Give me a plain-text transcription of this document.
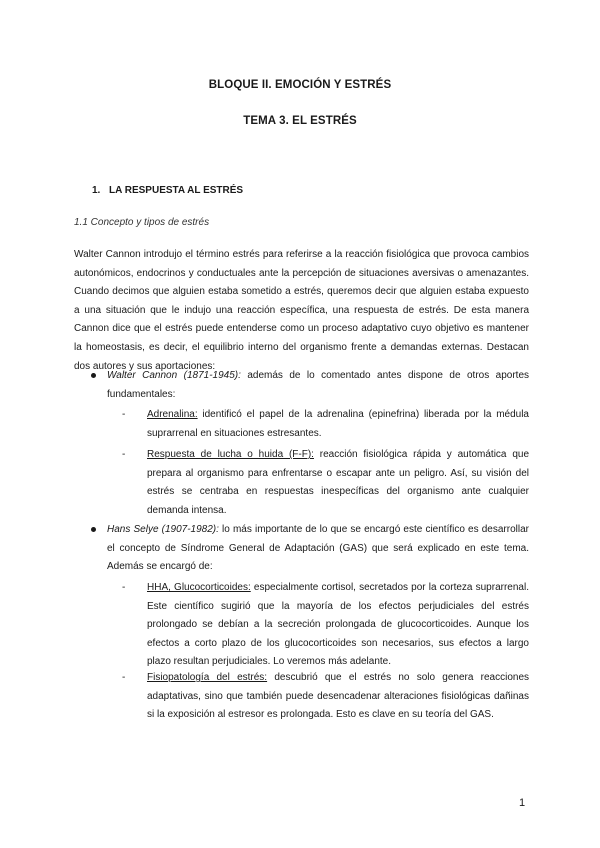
BLOQUE II. EMOCIÓN Y ESTRÉS
TEMA 3. EL ESTRÉS
1. LA RESPUESTA AL ESTRÉS
1.1 Concepto y tipos de estrés
Walter Cannon introdujo el término estrés para referirse a la reacción fisiológica que provoca cambios autonómicos, endocrinos y conductuales ante la percepción de situaciones aversivas o amenazantes. Cuando decimos que alguien estaba sometido a estrés, queremos decir que alguien estaba expuesto a una situación que le indujo una reacción específica, una respuesta de estrés. De esta manera Cannon dice que el estrés puede entenderse como un proceso adaptativo cuyo objetivo es mantener la homeostasis, es decir, el equilibrio interno del organismo frente a demandas externas. Destacan dos autores y sus aportaciones:
Walter Cannon (1871-1945): además de lo comentado antes dispone de otros aportes fundamentales:
- Adrenalina: identificó el papel de la adrenalina (epinefrina) liberada por la médula suprarrenal en situaciones estresantes.
- Respuesta de lucha o huida (F-F): reacción fisiológica rápida y automática que prepara al organismo para enfrentarse o escapar ante un peligro. Así, su visión del estrés se centraba en respuestas inespecíficas del organismo ante cualquier demanda intensa.
Hans Selye (1907-1982): lo más importante de lo que se encargó este científico es desarrollar el concepto de Síndrome General de Adaptación (GAS) que será explicado en este tema. Además se encargó de:
- HHA, Glucocorticoides: especialmente cortisol, secretados por la corteza suprarrenal. Este científico sugirió que la mayoría de los efectos perjudiciales del estrés prolongado se debían a la secreción prolongada de glucocorticoides. Aunque los efectos a corto plazo de los glucocorticoides son necesarios, sus efectos a largo plazo resultan perjudiciales. Lo veremos más adelante.
- Fisiopatología del estrés: descubrió que el estrés no solo genera reacciones adaptativas, sino que también puede desencadenar alteraciones fisiológicas dañinas si la exposición al estresor es prolongada. Esto es clave en su teoría del GAS.
1
